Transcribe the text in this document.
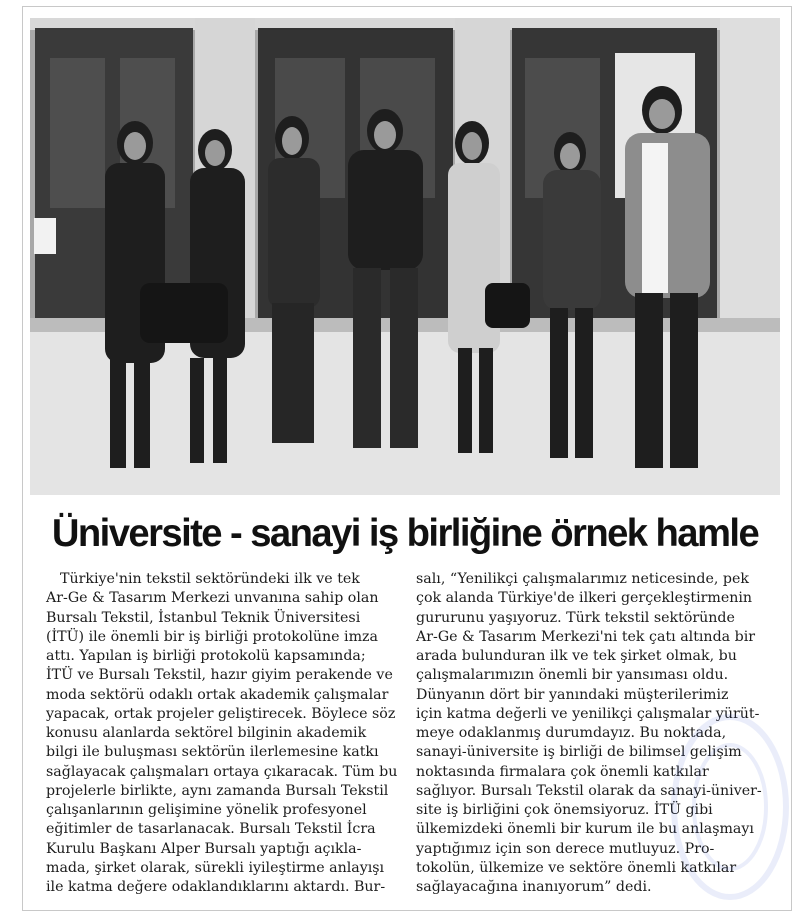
Üniversite - sanayi iş birliğine örnek hamle
Türkiye'nin tekstil sektöründeki ilk ve tek
Ar-Ge & Tasarım Merkezi unvanına sahip olan
Bursalı Tekstil, İstanbul Teknik Üniversitesi
(İTÜ) ile önemli bir iş birliği protokolüne imza
attı. Yapılan iş birliği protokolü kapsamında;
İTÜ ve Bursalı Tekstil, hazır giyim perakende ve
moda sektörü odaklı ortak akademik çalışmalar
yapacak, ortak projeler geliştirecek. Böylece söz
konusu alanlarda sektörel bilginin akademik
bilgi ile buluşması sektörün ilerlemesine katkı
sağlayacak çalışmaları ortaya çıkaracak. Tüm bu
projelerle birlikte, aynı zamanda Bursalı Tekstil
çalışanlarının gelişimine yönelik profesyonel
eğitimler de tasarlanacak. Bursalı Tekstil İcra
Kurulu Başkanı Alper Bursalı yaptığı açıkla-
mada, şirket olarak, sürekli iyileştirme anlayışı
ile katma değere odaklandıklarını aktardı. Bur-
salı, “Yenilikçi çalışmalarımız neticesinde, pek
çok alanda Türkiye'de ilkeri gerçekleştirmenin
gururunu yaşıyoruz. Türk tekstil sektöründe
Ar-Ge & Tasarım Merkezi'ni tek çatı altında bir
arada bulunduran ilk ve tek şirket olmak, bu
çalışmalarımızın önemli bir yansıması oldu.
Dünyanın dört bir yanındaki müşterilerimiz
için katma değerli ve yenilikçi çalışmalar yürüt-
meye odaklanmış durumdayız. Bu noktada,
sanayi-üniversite iş birliği de bilimsel gelişim
noktasında firmalara çok önemli katkılar
sağlıyor. Bursalı Tekstil olarak da sanayi-üniver-
site iş birliğini çok önemsiyoruz. İTÜ gibi
ülkemizdeki önemli bir kurum ile bu anlaşmayı
yaptığımız için son derece mutluyuz. Pro-
tokolün, ülkemize ve sektöre önemli katkılar
sağlayacağına inanıyorum” dedi.
